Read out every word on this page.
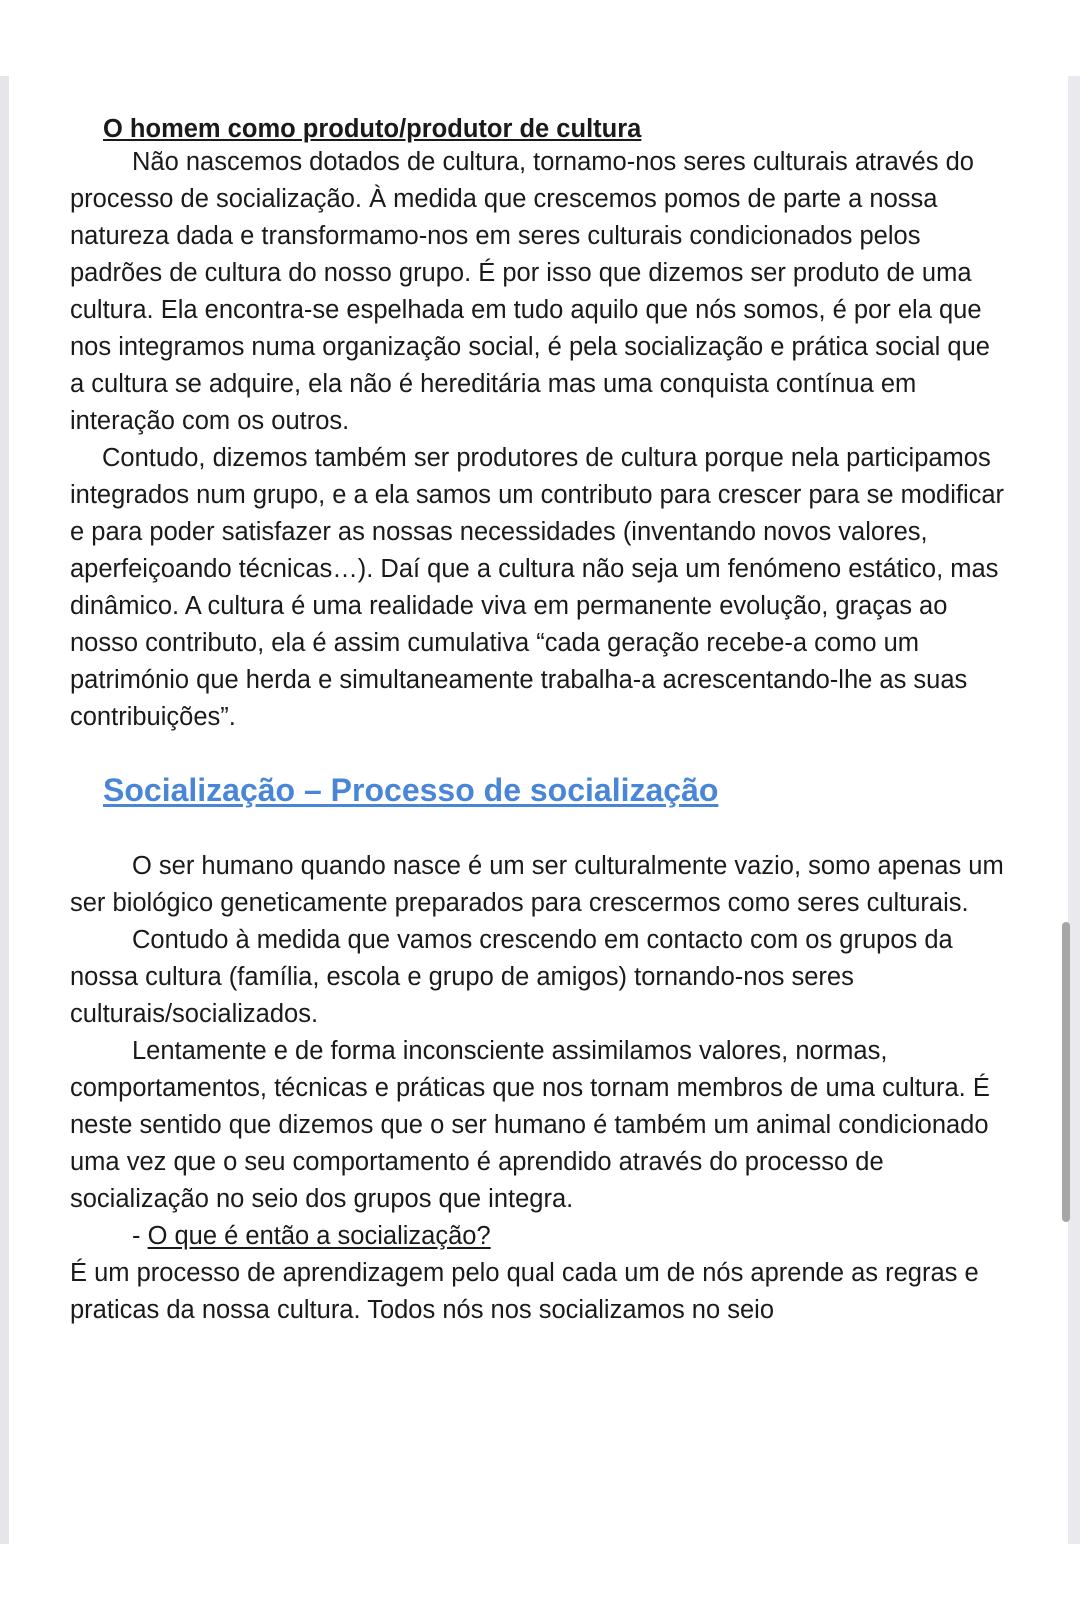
O homem como produto/produtor de cultura

Não nascemos dotados de cultura, tornamo-nos seres culturais através do processo de socialização. À medida que crescemos pomos de parte a nossa natureza dada e transformamo-nos em seres culturais condicionados pelos padrões de cultura do nosso grupo. É por isso que dizemos ser produto de uma cultura. Ela encontra-se espelhada em tudo aquilo que nós somos, é por ela que nos integramos numa organização social, é pela socialização e prática social que a cultura se adquire, ela não é hereditária mas uma conquista contínua em interação com os outros.

Contudo, dizemos também ser produtores de cultura porque nela participamos integrados num grupo, e a ela samos um contributo para crescer para se modificar e para poder satisfazer as nossas necessidades (inventando novos valores, aperfeiçoando técnicas…). Daí que a cultura não seja um fenómeno estático, mas dinâmico. A cultura é uma realidade viva em permanente evolução, graças ao nosso contributo, ela é assim cumulativa “cada geração recebe-a como um património que herda e simultaneamente trabalha-a acrescentando-lhe as suas contribuições”.

Socialização – Processo de socialização

O ser humano quando nasce é um ser culturalmente vazio, somo apenas um ser biológico geneticamente preparados para crescermos como seres culturais.

Contudo à medida que vamos crescendo em contacto com os grupos da nossa cultura (família, escola e grupo de amigos) tornando-nos seres culturais/socializados.

Lentamente e de forma inconsciente assimilamos valores, normas, comportamentos, técnicas e práticas que nos tornam membros de uma cultura. É neste sentido que dizemos que o ser humano é também um animal condicionado uma vez que o seu comportamento é aprendido através do processo de socialização no seio dos grupos que integra.

- O que é então a socialização?

É um processo de aprendizagem pelo qual cada um de nós aprende as regras e praticas da nossa cultura. Todos nós nos socializamos no seio
